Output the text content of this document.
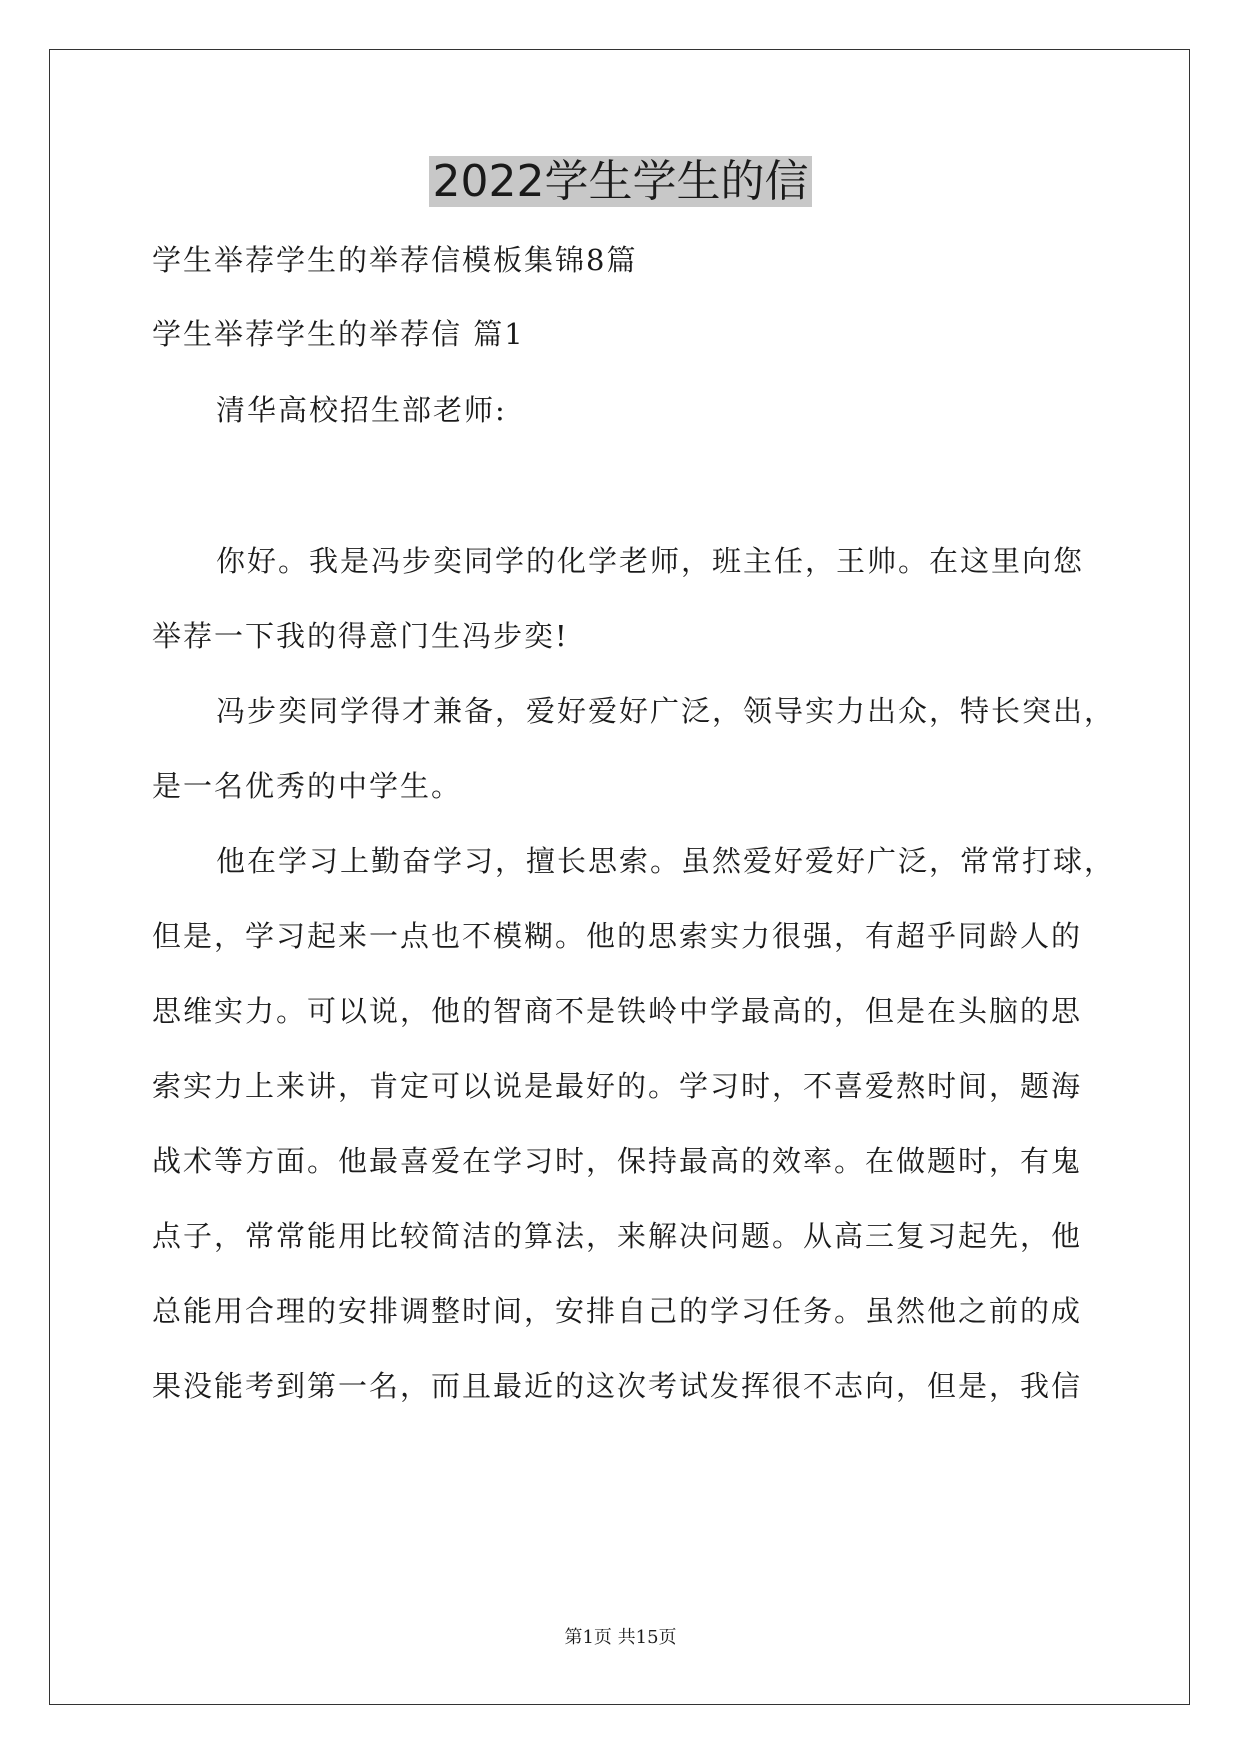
2022学生学生的信
学生举荐学生的举荐信模板集锦8篇
学生举荐学生的举荐信 篇1
清华高校招生部老师:
你好。我是冯步奕同学的化学老师，班主任，王帅。在这里向您
举荐一下我的得意门生冯步奕!
冯步奕同学得才兼备，爱好爱好广泛，领导实力出众，特长突出，
是一名优秀的中学生。
他在学习上勤奋学习，擅长思索。虽然爱好爱好广泛，常常打球，
但是，学习起来一点也不模糊。他的思索实力很强，有超乎同龄人的
思维实力。可以说，他的智商不是铁岭中学最高的，但是在头脑的思
索实力上来讲，肯定可以说是最好的。学习时，不喜爱熬时间，题海
战术等方面。他最喜爱在学习时，保持最高的效率。在做题时，有鬼
点子，常常能用比较简洁的算法，来解决问题。从高三复习起先，他
总能用合理的安排调整时间，安排自己的学习任务。虽然他之前的成
果没能考到第一名，而且最近的这次考试发挥很不志向，但是，我信
第1页 共15页
